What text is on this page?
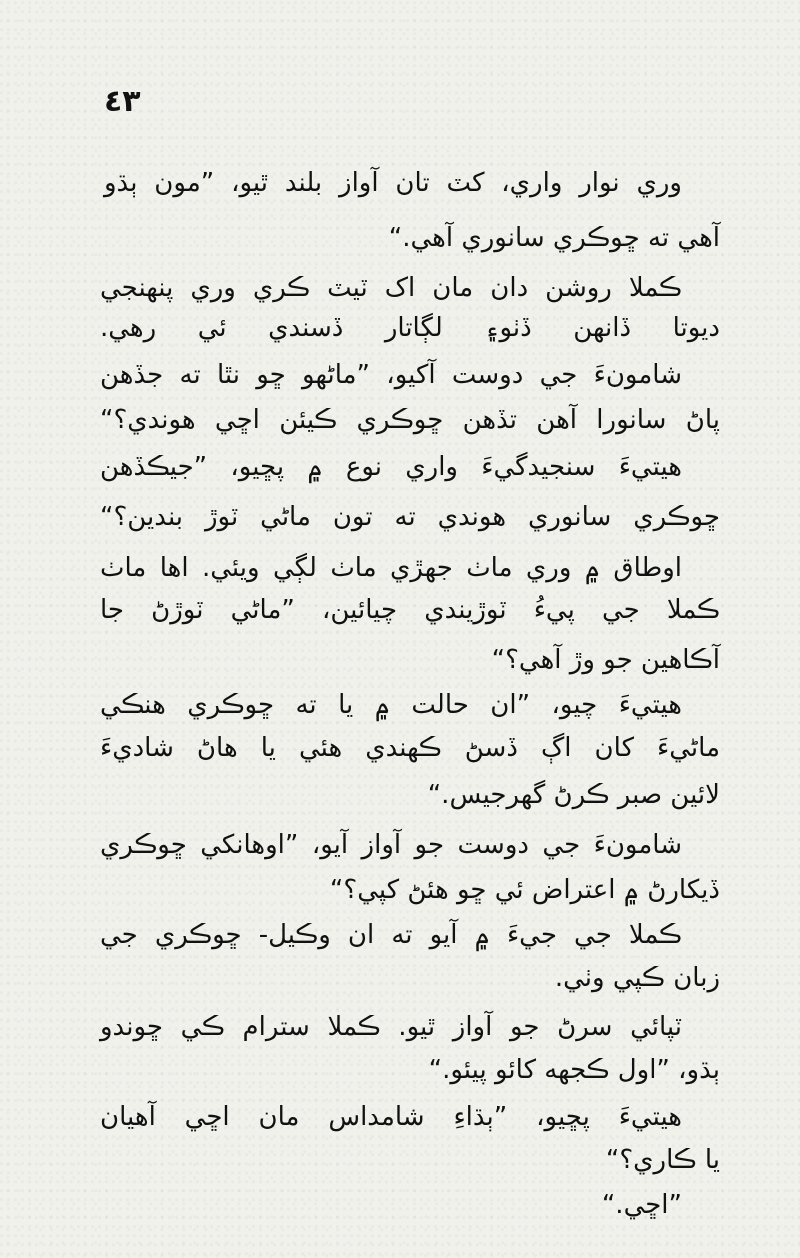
٤٣
وري نوار واري، کٽ تان آواز بلند ٿيو، ”مون ٻڌو
آهي ته ڇوڪري سانوري آهي.“
ڪملا روشن دان مان اک ٽيٽ ڪري وري پنهنجي
ديوتا ڏانهن ڏٺو۽ لڳاتار ڏسندي ئي رهي.
شامونءَ جي دوست آکيو، ”ماڻهو ڇو نٿا ته جڏهن
پاڻ سانورا آهن تڏهن ڇوڪري ڪيئن اڇي هوندي؟“
هيتيءَ سنجيدگيءَ واري نوع ۾ پڇيو، ”جيڪڏهن
ڇوڪري سانوري هوندي ته تون ماڻي ٽوڙ بندين؟“
اوطاق ۾ وري ماٺ جهڙي ماٺ لڳي ويئي. اها ماٺ
ڪملا جي پيءُ ٽوڙيندي چيائين، ”ماڻي ٽوڙڻ جا
آڪاهين جو وڙ آهي؟“
هيتيءَ چيو، ”ان حالت ۾ يا ته ڇوڪري هنڪي
ماڻيءَ کان اڳ ڏسڻ ڪهندي هئي يا هاڻ شاديءَ
لائين صبر ڪرڻ گهرجيس.“
شامونءَ جي دوست جو آواز آيو، ”اوهانکي ڇوڪري
ڏيکارڻ ۾ اعتراض ئي ڇو هئڻ کپي؟“
ڪملا جي جيءَ ۾ آيو ته ان وڪيل- ڇوڪري جي
زبان ڪپي وٺي.
ٽپائي سرڻ جو آواز ٿيو. ڪملا سترام ڪي ڇوندو
ٻڌو، ”اول ڪجهه کائو پيئو.“
هيتيءَ پڇيو، ”ٻڌاءِ شامداس مان اڇي آهيان
يا ڪاري؟“
”اڇي.“
